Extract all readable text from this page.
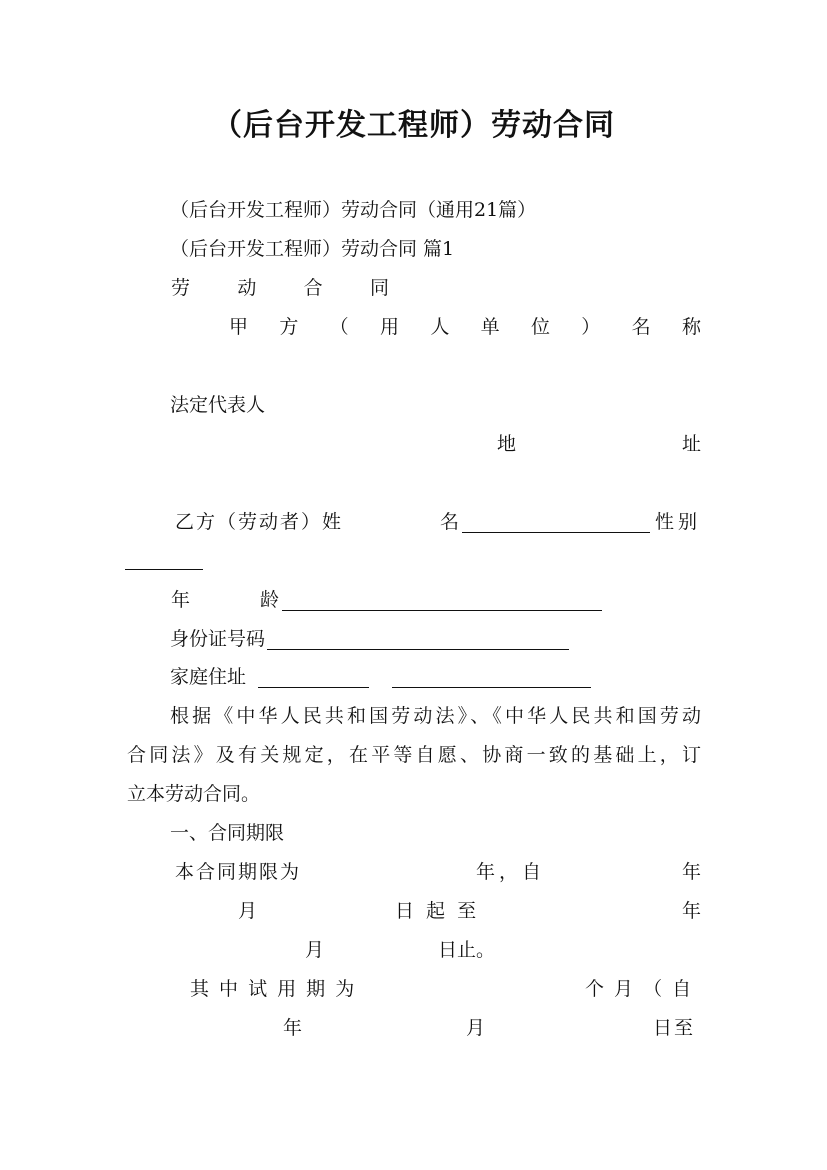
（后台开发工程师）劳动合同
（后台开发工程师）劳动合同（通用21篇）
（后台开发工程师）劳动合同 篇1
劳 动 合 同
甲 方 （ 用 人 单 位 ） 名 称
法定代表人
地	址
乙方（劳动者）姓	名	性别
年	龄
身份证号码
家庭住址
根据《中华人民共和国劳动法》、《中华人民共和国劳动
合同法》及有关规定，在平等自愿、协商一致的基础上，订
立本劳动合同。
一、合同期限
本合同期限为	年，自	年
月	日 起 至	年
月	日止。
其 中 试 用 期 为	个 月 （ 自
年	月	日至
